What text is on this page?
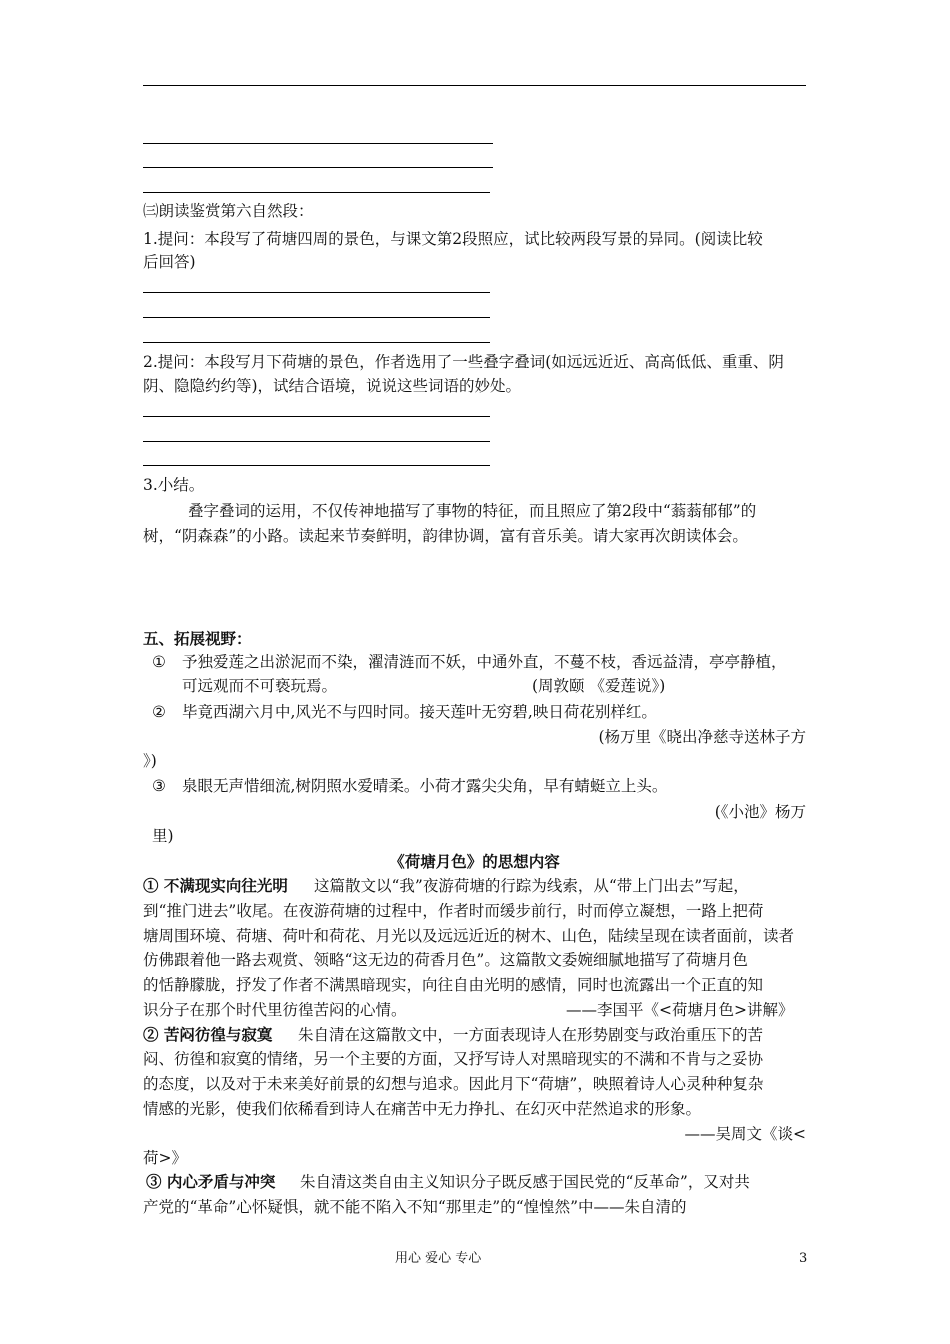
㈢朗读鉴赏第六自然段：
1.提问：本段写了荷塘四周的景色，与课文第2段照应，试比较两段写景的异同。(阅读比较
后回答)
2.提问：本段写月下荷塘的景色，作者选用了一些叠字叠词(如远远近近、高高低低、重重、阴
阴、隐隐约约等)，试结合语境，说说这些词语的妙处。
3.小结。
叠字叠词的运用，不仅传神地描写了事物的特征，而且照应了第2段中“蓊蓊郁郁”的
树，“阴森森”的小路。读起来节奏鲜明，韵律协调，富有音乐美。请大家再次朗读体会。
五、拓展视野：
① 予独爱莲之出淤泥而不染，濯清涟而不妖，中通外直，不蔓不枝，香远益清，亭亭静植，
可远观而不可亵玩焉。	(周敦颐 《爱莲说》)
② 毕竟西湖六月中,风光不与四时同。接天莲叶无穷碧,映日荷花别样红。
(杨万里《晓出净慈寺送林子方
》)
③ 泉眼无声惜细流,树阴照水爱晴柔。小荷才露尖尖角，早有蜻蜓立上头。
(《小池》杨万
里)
《荷塘月色》的思想内容
① 不满现实向往光明 这篇散文以“我”夜游荷塘的行踪为线索，从“带上门出去”写起，
到“推门进去”收尾。在夜游荷塘的过程中，作者时而缓步前行，时而停立凝想，一路上把荷
塘周围环境、荷塘、荷叶和荷花、月光以及远远近近的树木、山色，陆续呈现在读者面前，读者
仿佛跟着他一路去观赏、领略“这无边的荷香月色”。这篇散文委婉细腻地描写了荷塘月色
的恬静朦胧，抒发了作者不满黑暗现实，向往自由光明的感情，同时也流露出一个正直的知
识分子在那个时代里彷徨苦闷的心情。	——李国平《<荷塘月色>讲解》
② 苦闷彷徨与寂寞 朱自清在这篇散文中，一方面表现诗人在形势剧变与政治重压下的苦
闷、彷徨和寂寞的情绪，另一个主要的方面，又抒写诗人对黑暗现实的不满和不肯与之妥协
的态度，以及对于未来美好前景的幻想与追求。因此月下“荷塘”，映照着诗人心灵种种复杂
情感的光影，使我们依稀看到诗人在痛苦中无力挣扎、在幻灭中茫然追求的形象。
——吴周文《谈<
荷>》
③ 内心矛盾与冲突 朱自清这类自由主义知识分子既反感于国民党的“反革命”，又对共
产党的“革命”心怀疑惧，就不能不陷入不知“那里走”的“惶惶然”中——朱自清的
用心 爱心 专心	3
